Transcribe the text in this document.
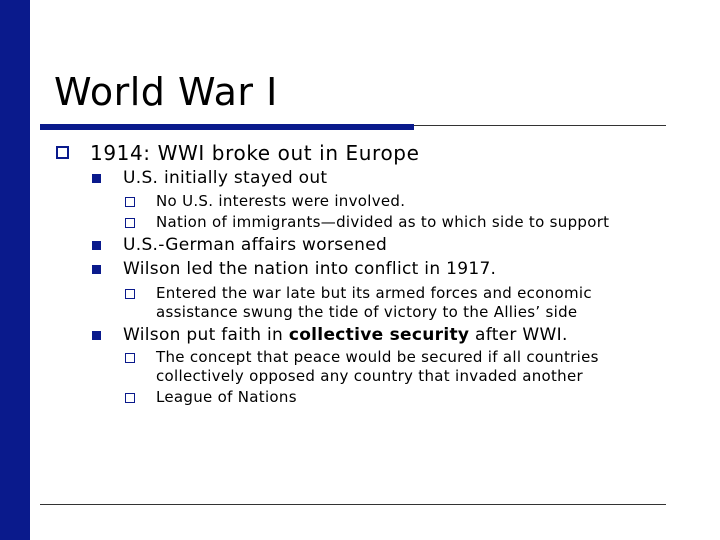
World War I
1914: WWI broke out in Europe
U.S. initially stayed out
No U.S. interests were involved.
Nation of immigrants—divided as to which side to support
U.S.-German affairs worsened
Wilson led the nation into conflict in 1917.
Entered the war late but its armed forces and economic
assistance swung the tide of victory to the Allies’ side
Wilson put faith in collective security after WWI.
The concept that peace would be secured if all countries
collectively opposed any country that invaded another
League of Nations
